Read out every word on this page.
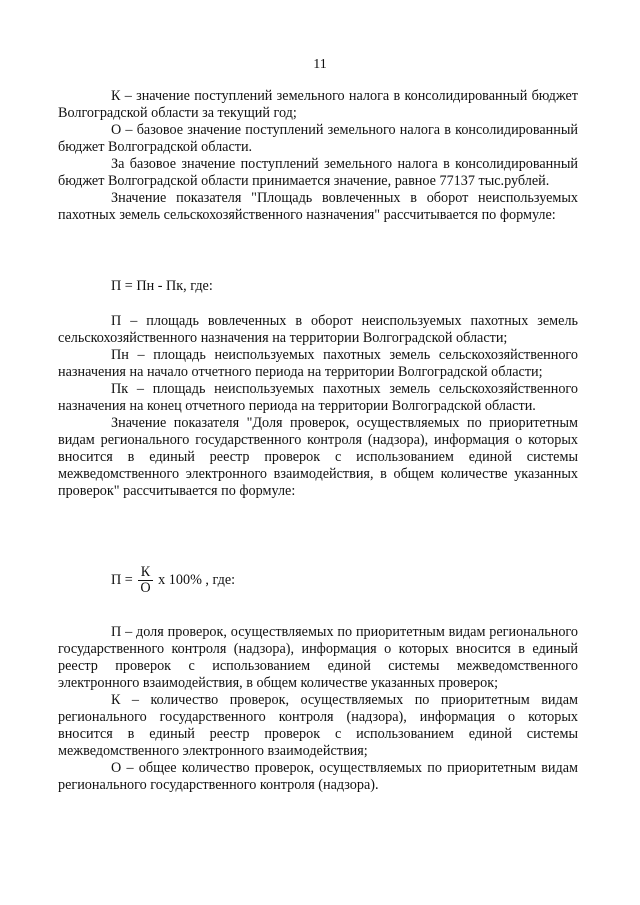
11

К – значение поступлений земельного налога в консолидированный бюджет Волгоградской области за текущий год;

О – базовое значение поступлений земельного налога в консолидированный бюджет Волгоградской области.

За базовое значение поступлений земельного налога в консолидированный бюджет Волгоградской области принимается значение, равное 77137 тыс.рублей.

Значение показателя "Площадь вовлеченных в оборот неиспользуемых пахотных земель сельскохозяйственного назначения" рассчитывается по формуле:

П = Пн - Пк, где:

П – площадь вовлеченных в оборот неиспользуемых пахотных земель сельскохозяйственного назначения на территории Волгоградской области;

Пн – площадь неиспользуемых пахотных земель сельскохозяйственного назначения на начало отчетного периода на территории Волгоградской области;

Пк – площадь неиспользуемых пахотных земель сельскохозяйственного назначения на конец отчетного периода на территории Волгоградской области.

Значение показателя "Доля проверок, осуществляемых по приоритетным видам регионального государственного контроля (надзора), информация о которых вносится в единый реестр проверок с использованием единой системы межведомственного электронного взаимодействия, в общем количестве указанных проверок" рассчитывается по формуле:

$П = \frac{К}{О}$ х 100% , где:

П – доля проверок, осуществляемых по приоритетным видам регионального государственного контроля (надзора), информация о которых вносится в единый реестр проверок с использованием единой системы межведомственного электронного взаимодействия, в общем количестве указанных проверок;

К – количество проверок, осуществляемых по приоритетным видам регионального государственного контроля (надзора), информация о которых вносится в единый реестр проверок с использованием единой системы межведомственного электронного взаимодействия;

О – общее количество проверок, осуществляемых по приоритетным видам регионального государственного контроля (надзора).
